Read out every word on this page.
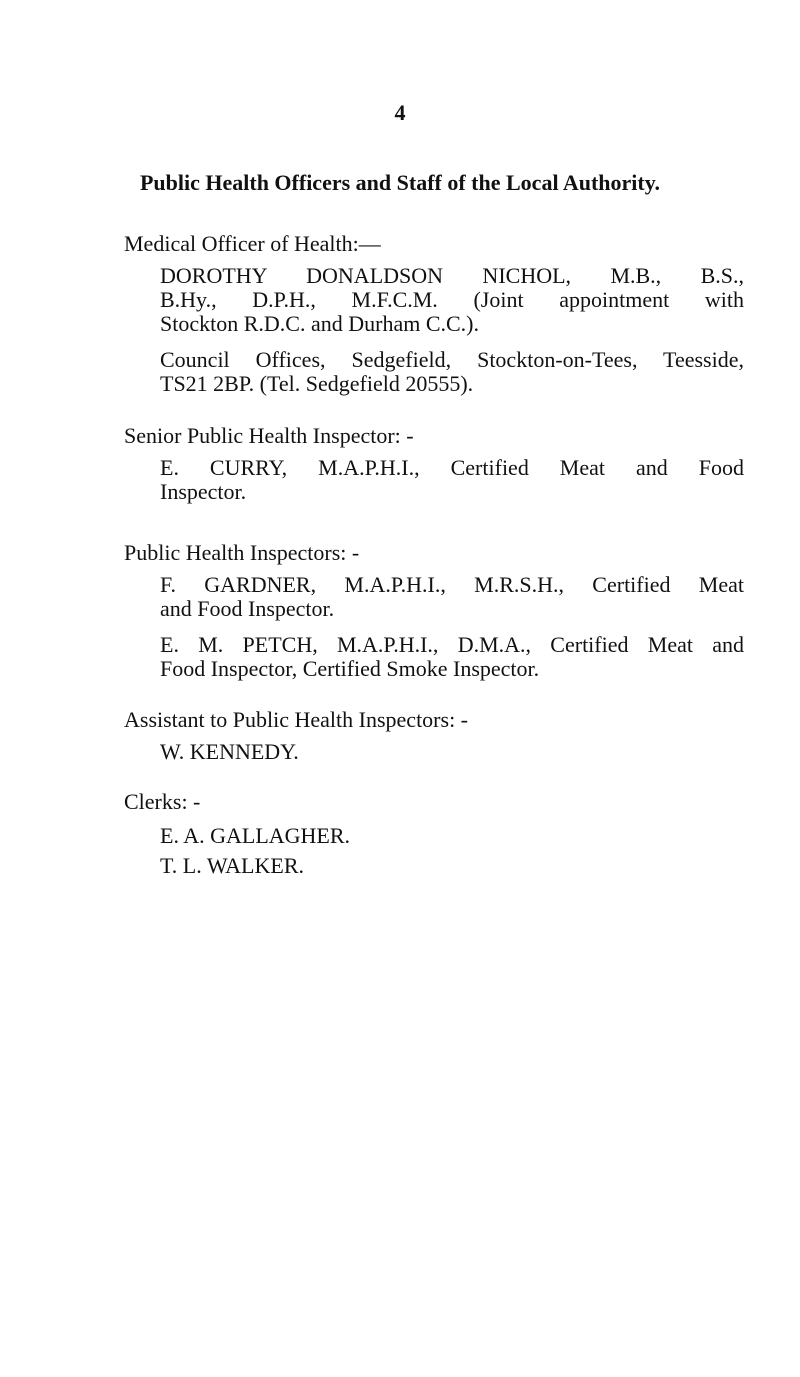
4
Public Health Officers and Staff of the Local Authority.
Medical Officer of Health:—
DOROTHY DONALDSON NICHOL, M.B., B.S.,
B.Hy., D.P.H., M.F.C.M. (Joint appointment with
Stockton R.D.C. and Durham C.C.).
Council Offices, Sedgefield, Stockton-on-Tees, Teesside,
TS21 2BP. (Tel. Sedgefield 20555).
Senior Public Health Inspector: -
E. CURRY, M.A.P.H.I., Certified Meat and Food
Inspector.
Public Health Inspectors: -
F. GARDNER, M.A.P.H.I., M.R.S.H., Certified Meat
and Food Inspector.
E. M. PETCH, M.A.P.H.I., D.M.A., Certified Meat and
Food Inspector, Certified Smoke Inspector.
Assistant to Public Health Inspectors: -
W. KENNEDY.
Clerks: -
E. A. GALLAGHER.
T. L. WALKER.
